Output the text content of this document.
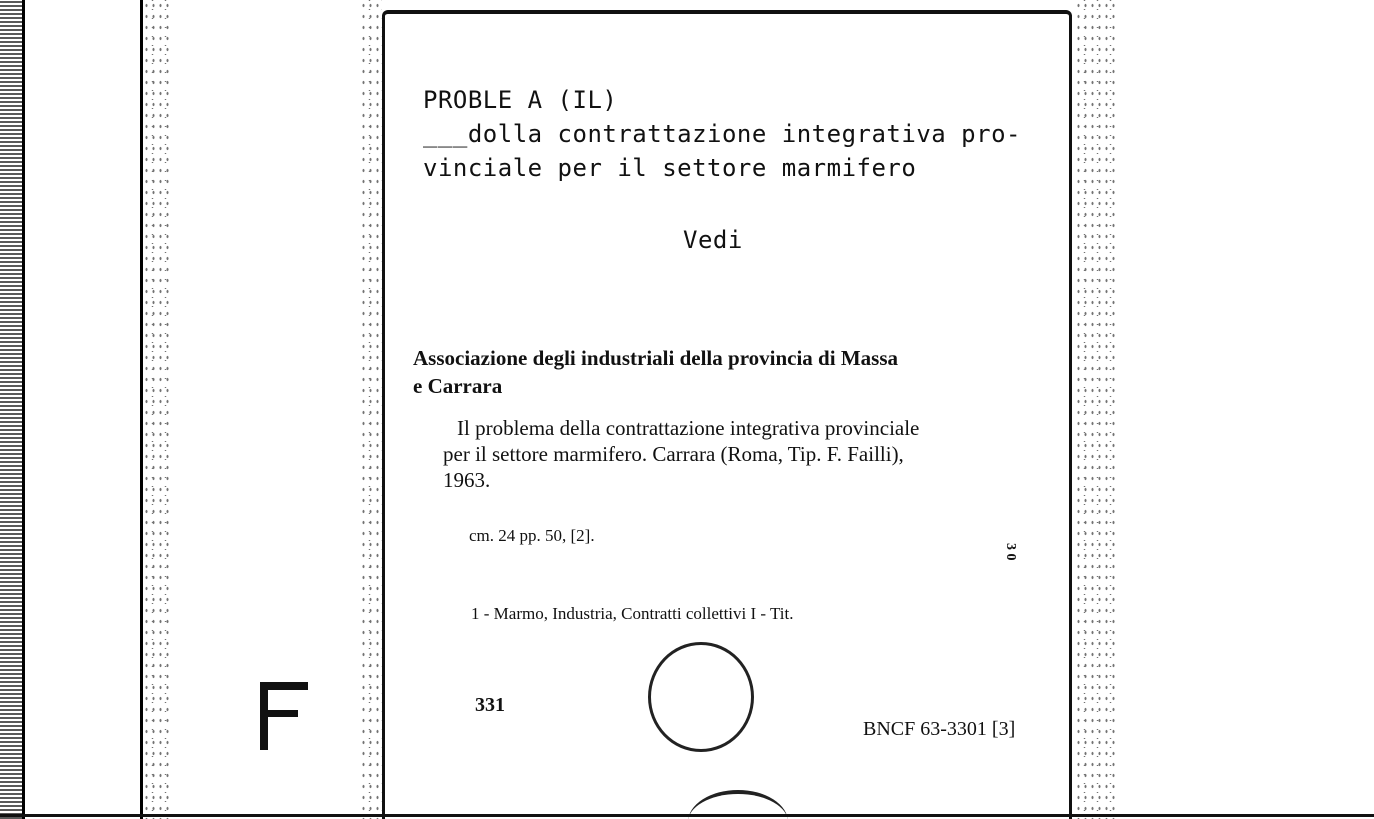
PROBLE A (IL)
___dolla contrattazione integrativa pro-
vinciale per il settore marmifero
Vedi
Associazione degli industriali della provincia di Massa
e Carrara
Il problema della contrattazione integrativa provinciale
per il settore marmifero. Carrara (Roma, Tip. F. Failli),
1963.
cm. 24 pp. 50, [2].
1 - Marmo, Industria, Contratti collettivi I - Tit.
331
BNCF 63-3301 [3]
3 0
